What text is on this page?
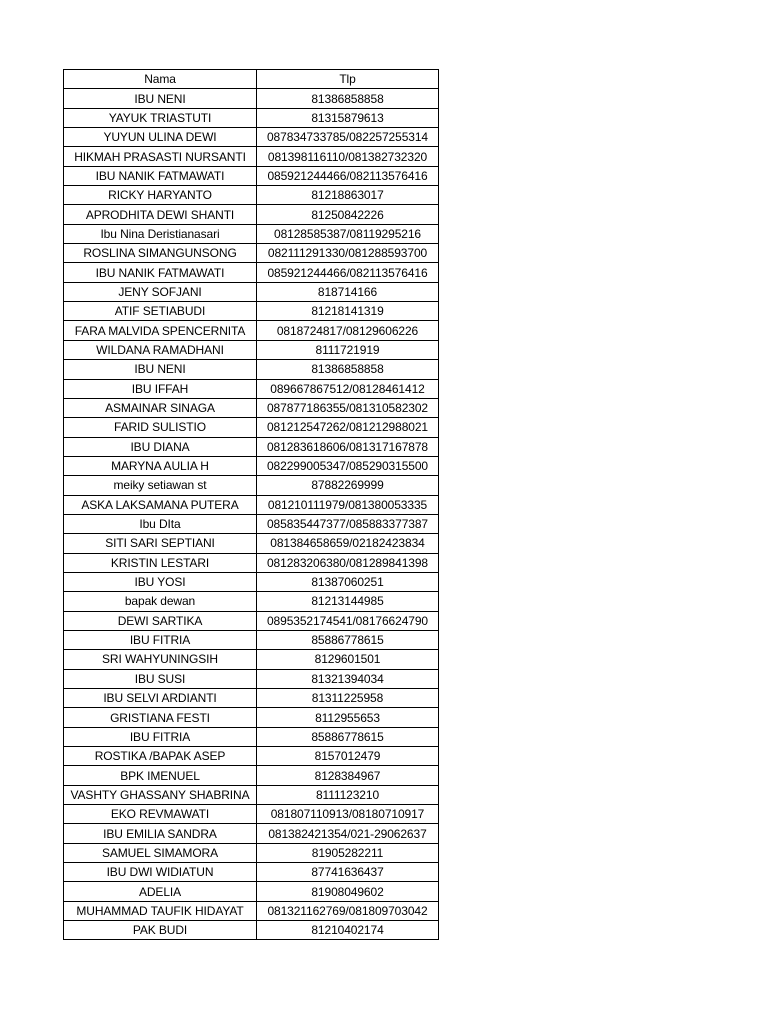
Nama	Tlp
IBU NENI	81386858858
YAYUK TRIASTUTI	81315879613
YUYUN ULINA DEWI	087834733785/082257255314
HIKMAH PRASASTI NURSANTI	081398116110/081382732320
IBU NANIK FATMAWATI	085921244466/082113576416
RICKY HARYANTO	81218863017
APRODHITA DEWI SHANTI	81250842226
Ibu Nina Deristianasari	08128585387/08119295216
ROSLINA SIMANGUNSONG	082111291330/081288593700
IBU NANIK FATMAWATI	085921244466/082113576416
JENY SOFJANI	818714166
ATIF SETIABUDI	81218141319
FARA MALVIDA SPENCERNITA	0818724817/08129606226
WILDANA RAMADHANI	8111721919
IBU NENI	81386858858
IBU IFFAH	089667867512/08128461412
ASMAINAR SINAGA	087877186355/081310582302
FARID SULISTIO	081212547262/081212988021
IBU DIANA	081283618606/081317167878
MARYNA AULIA H	082299005347/085290315500
meiky setiawan st	87882269999
ASKA LAKSAMANA PUTERA	081210111979/081380053335
Ibu DIta	085835447377/085883377387
SITI SARI SEPTIANI	081384658659/02182423834
KRISTIN LESTARI	081283206380/081289841398
IBU YOSI	81387060251
bapak dewan	81213144985
DEWI SARTIKA	0895352174541/08176624790
IBU FITRIA	85886778615
SRI WAHYUNINGSIH	8129601501
IBU SUSI	81321394034
IBU SELVI ARDIANTI	81311225958
GRISTIANA FESTI	8112955653
IBU FITRIA	85886778615
ROSTIKA /BAPAK ASEP	8157012479
BPK IMENUEL	8128384967
VASHTY GHASSANY SHABRINA	8111123210
EKO REVMAWATI	081807110913/08180710917
IBU EMILIA SANDRA	081382421354/021-29062637
SAMUEL SIMAMORA	81905282211
IBU DWI WIDIATUN	87741636437
ADELIA	81908049602
MUHAMMAD TAUFIK HIDAYAT	081321162769/081809703042
PAK BUDI	81210402174
